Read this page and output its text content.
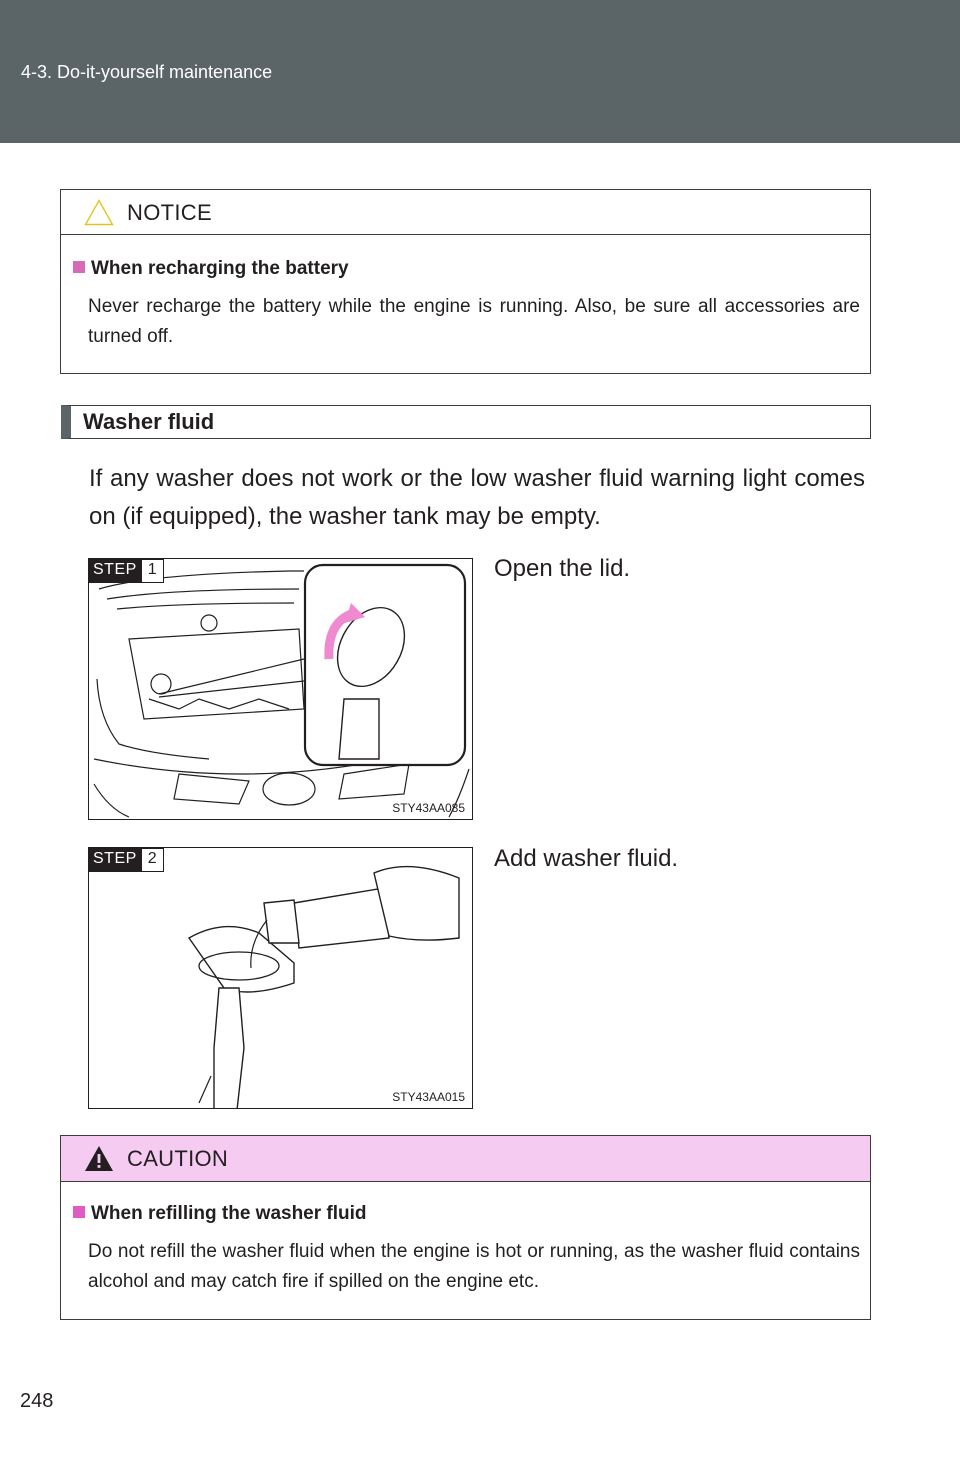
4-3. Do-it-yourself maintenance
NOTICE
When recharging the battery
Never recharge the battery while the engine is running. Also, be sure all accessories are turned off.
Washer fluid
If any washer does not work or the low washer fluid warning light comes on (if equipped), the washer tank may be empty.
STEP 1
STY43AA085
Open the lid.
STEP 2
STY43AA015
Add washer fluid.
CAUTION
When refilling the washer fluid
Do not refill the washer fluid when the engine is hot or running, as the washer fluid contains alcohol and may catch fire if spilled on the engine etc.
248
